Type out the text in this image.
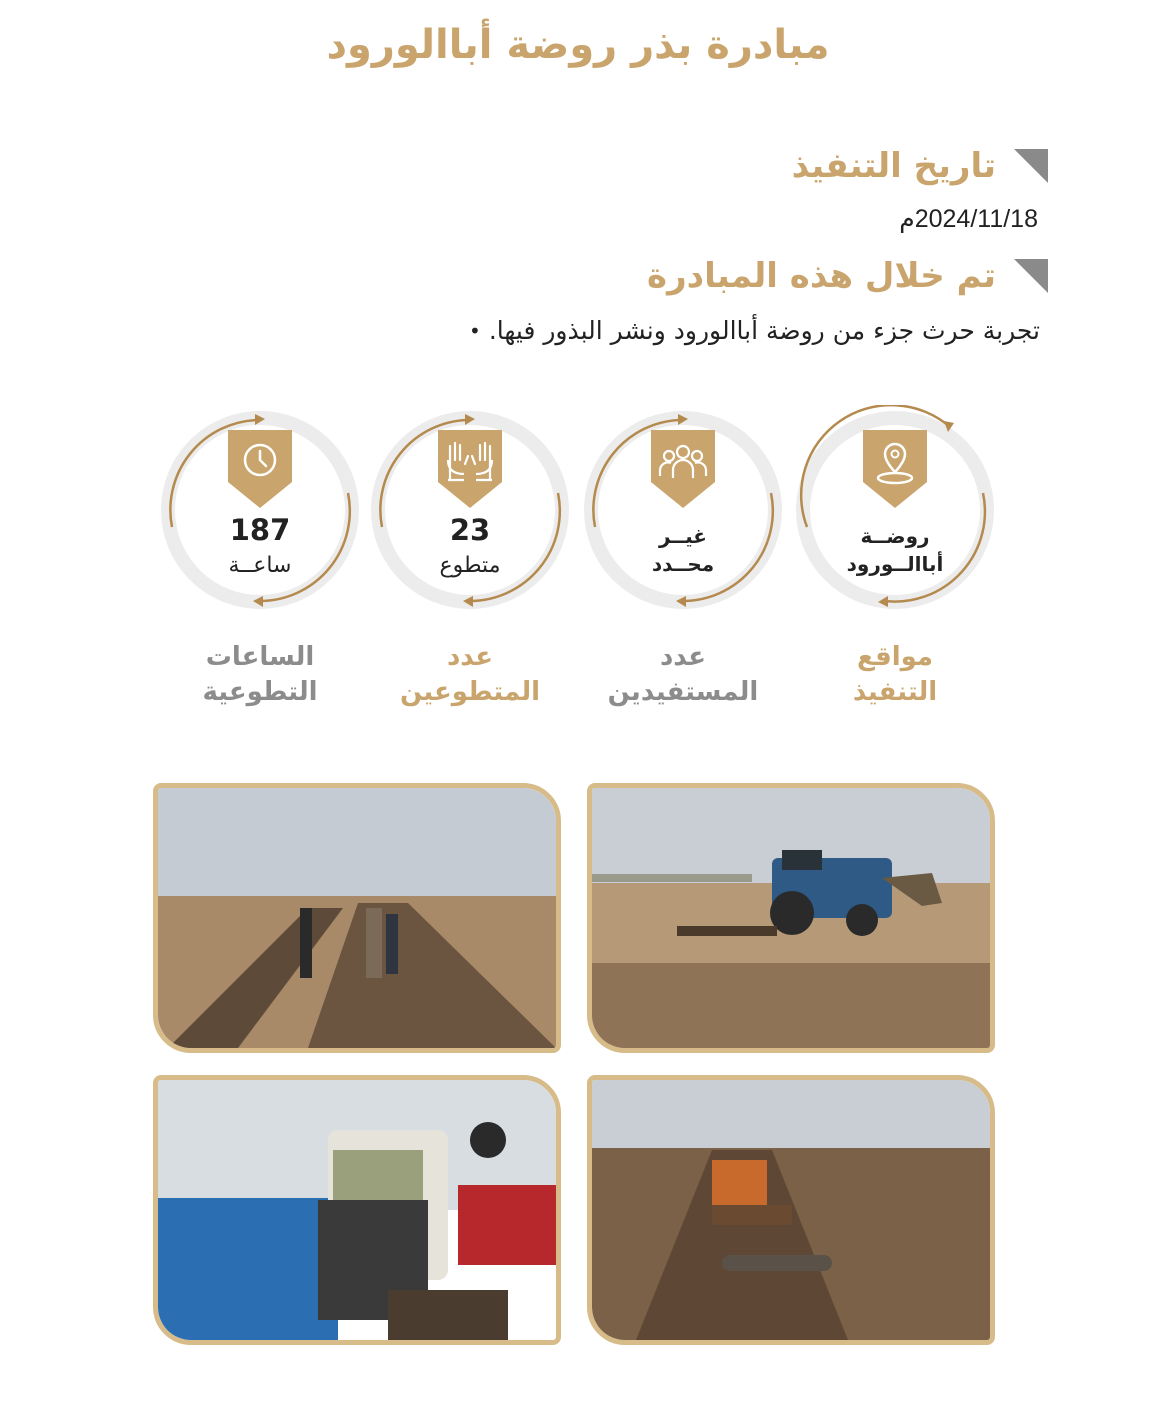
مبادرة بذر روضة أباالورود
تاريخ التنفيذ
2024/11/18م
تم خلال هذه المبادرة
• تجربة حرث جزء من روضة أباالورود ونشر البذور فيها.
روضــة
أباالــورود
مواقع
التنفيذ
غيــر
محــدد
عدد
المستفيدين
23
متطوع
عدد
المتطوعين
187
ساعــة
الساعات
التطوعية
